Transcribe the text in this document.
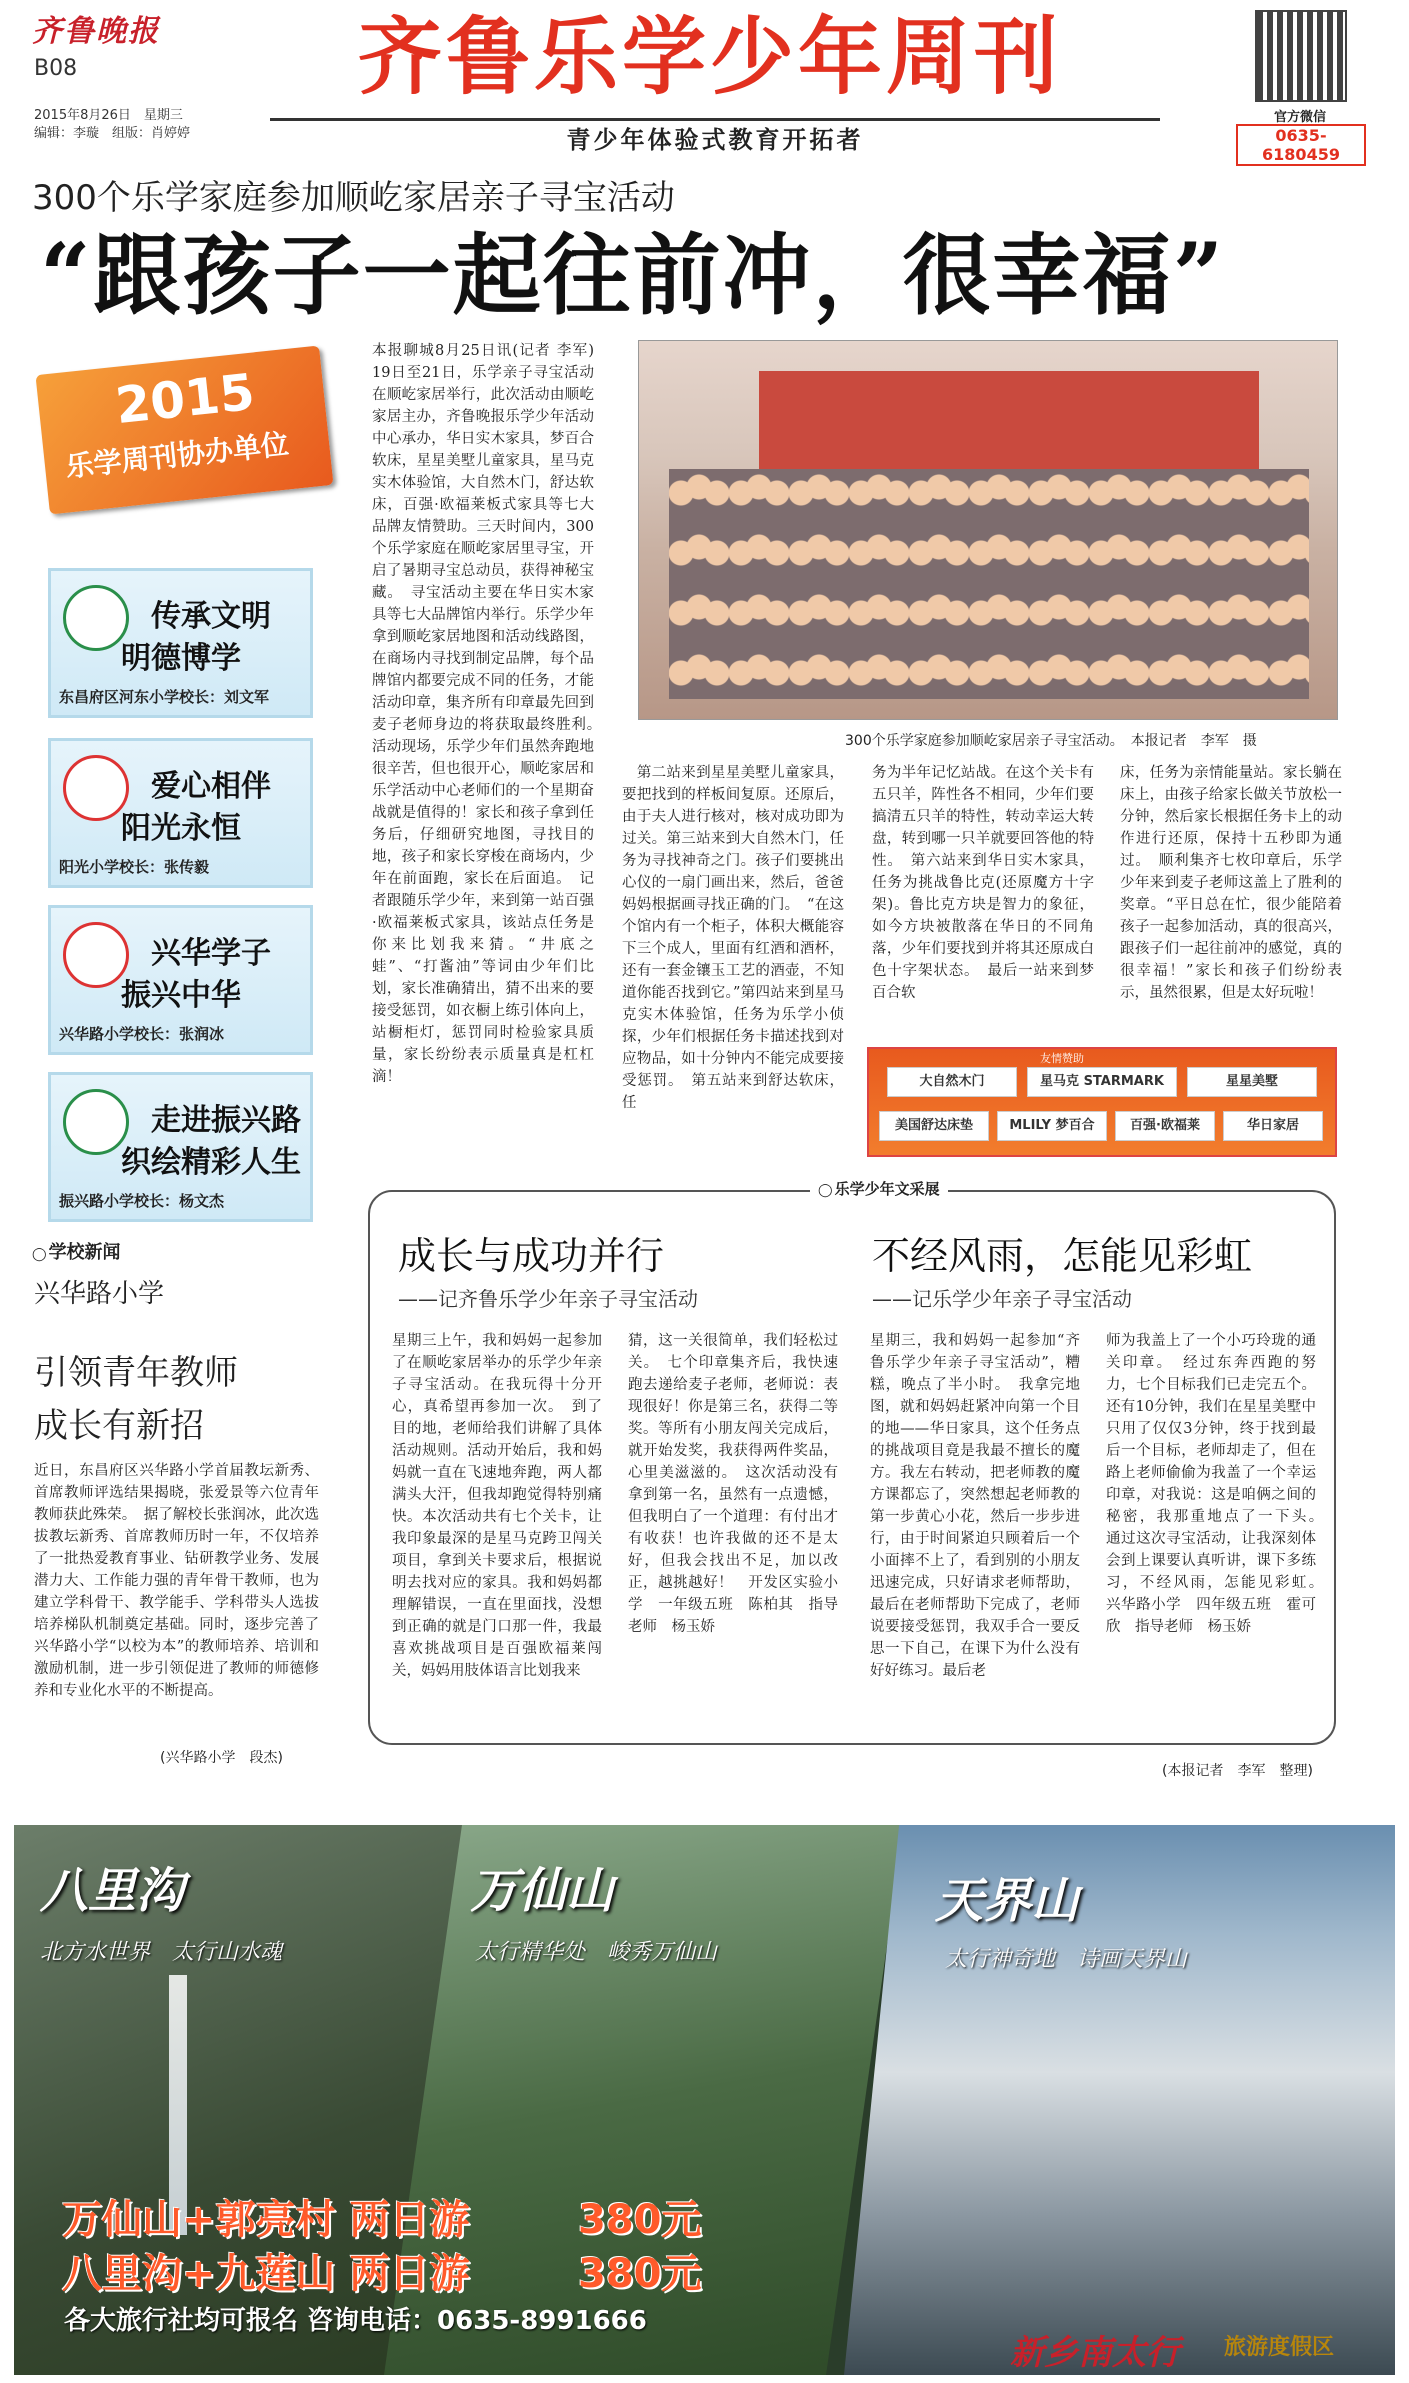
齐鲁晚报
B08
2015年8月26日　星期三
编辑：李璇　组版：肖婷婷
齐鲁乐学少年周刊
青少年体验式教育开拓者
官方微信
0635-6180459
300个乐学家庭参加顺屹家居亲子寻宝活动
“跟孩子一起往前冲，很幸福”
2015
乐学周刊协办单位
传承文明
明德博学
东昌府区河东小学校长：刘文军
爱心相伴
阳光永恒
阳光小学校长：张传毅
兴华学子
振兴中华
兴华路小学校长：张润冰
走进振兴路
织绘精彩人生
振兴路小学校长：杨文杰
◯ 学校新闻
兴华路小学
引领青年教师
成长有新招
近日，东昌府区兴华路小学首届教坛新秀、首席教师评选结果揭晓，张爱景等六位青年教师获此殊荣。　据了解校长张润冰，此次选拔教坛新秀、首席教师历时一年，不仅培养了一批热爱教育事业、钻研教学业务、发展潜力大、工作能力强的青年骨干教师，也为建立学科骨干、教学能手、学科带头人选拔培养梯队机制奠定基础。同时，逐步完善了兴华路小学“以校为本”的教师培养、培训和激励机制，进一步引领促进了教师的师德修养和专业化水平的不断提高。
(兴华路小学　段杰)
本报聊城8月25日讯(记者 李军) 19日至21日，乐学亲子寻宝活动在顺屹家居举行，此次活动由顺屹家居主办，齐鲁晚报乐学少年活动中心承办，华日实木家具，梦百合软床，星星美墅儿童家具，星马克实木体验馆，大自然木门，舒达软床，百强·欧福莱板式家具等七大品牌友情赞助。三天时间内，300个乐学家庭在顺屹家居里寻宝，开启了暑期寻宝总动员，获得神秘宝藏。　寻宝活动主要在华日实木家具等七大品牌馆内举行。乐学少年拿到顺屹家居地图和活动线路图，在商场内寻找到制定品牌，每个品牌馆内都要完成不同的任务，才能活动印章，集齐所有印章最先回到麦子老师身边的将获取最终胜利。　活动现场，乐学少年们虽然奔跑地很辛苦，但也很开心，顺屹家居和乐学活动中心老师们的一个星期奋战就是值得的！家长和孩子拿到任务后，仔细研究地图，寻找目的地，孩子和家长穿梭在商场内，少年在前面跑，家长在后面追。　记者跟随乐学少年，来到第一站百强·欧福莱板式家具，该站点任务是你来比划我来猜。“井底之蛙”、“打酱油”等词由少年们比划，家长准确猜出，猜不出来的要接受惩罚，如衣橱上练引体向上，站橱柜灯，惩罚同时检验家具质量，家长纷纷表示质量真是杠杠滴！
300个乐学家庭参加顺屹家居亲子寻宝活动。　本报记者　李军　摄
　第二站来到星星美墅儿童家具，要把找到的样板间复原。还原后，由于夫人进行核对，核对成功即为过关。第三站来到大自然木门，任务为寻找神奇之门。孩子们要挑出心仪的一扇门画出来，然后，爸爸妈妈根据画寻找正确的门。　“在这个馆内有一个柜子，体积大概能容下三个成人，里面有红酒和酒杯，还有一套金镶玉工艺的酒壶，不知道你能否找到它。”第四站来到星马克实木体验馆，任务为乐学小侦探，少年们根据任务卡描述找到对应物品，如十分钟内不能完成要接受惩罚。　第五站来到舒达软床，任
务为半年记忆站战。在这个关卡有五只羊，阵性各不相同，少年们要搞清五只羊的特性，转动幸运大转盘，转到哪一只羊就要回答他的特性。　第六站来到华日实木家具，任务为挑战鲁比克(还原魔方十字架)。鲁比克方块是智力的象征，如今方块被散落在华日的不同角落，少年们要找到并将其还原成白色十字架状态。　最后一站来到梦百合软
床，任务为亲情能量站。家长躺在床上，由孩子给家长做关节放松一分钟，然后家长根据任务卡上的动作进行还原，保持十五秒即为通过。　顺利集齐七枚印章后，乐学少年来到麦子老师这盖上了胜利的奖章。“平日总在忙，很少能陪着孩子一起参加活动，真的很高兴，跟孩子们一起往前冲的感觉，真的很幸福！”家长和孩子们纷纷表示，虽然很累，但是太好玩啦！
大自然木门	星马克 STARMARK	星星美墅
美国舒达床垫	MLILY 梦百合	百强·欧福莱	华日家居
友情赞助
◯ 乐学少年文采展
成长与成功并行
——记齐鲁乐学少年亲子寻宝活动
星期三上午，我和妈妈一起参加了在顺屹家居举办的乐学少年亲子寻宝活动。在我玩得十分开心，真希望再参加一次。　到了目的地，老师给我们讲解了具体活动规则。活动开始后，我和妈妈就一直在飞速地奔跑，两人都满头大汗，但我却跑觉得特别痛快。本次活动共有七个关卡，让我印象最深的是星马克跨卫闯关项目，拿到关卡要求后，根据说明去找对应的家具。我和妈妈都理解错误，一直在里面找，没想到正确的就是门口那一件，我最喜欢挑战项目是百强欧福莱闯关，妈妈用肢体语言比划我来
猜，这一关很简单，我们轻松过关。　七个印章集齐后，我快速跑去递给麦子老师，老师说：表现很好！你是第三名，获得二等奖。等所有小朋友闯关完成后，就开始发奖，我获得两件奖品，心里美滋滋的。　这次活动没有拿到第一名，虽然有一点遗憾，但我明白了一个道理：有付出才有收获！也许我做的还不是太好，但我会找出不足，加以改正，越挑越好！　开发区实验小学　一年级五班　陈柏其　指导老师　杨玉娇
不经风雨，怎能见彩虹
——记乐学少年亲子寻宝活动
星期三，我和妈妈一起参加“齐鲁乐学少年亲子寻宝活动”，糟糕，晚点了半小时。　我拿完地图，就和妈妈赶紧冲向第一个目的地——华日家具，这个任务点的挑战项目竟是我最不擅长的魔方。我左右转动，把老师教的魔方课都忘了，突然想起老师教的第一步黄心小花，然后一步步进行，由于时间紧迫只顾着后一个小面摔不上了，看到别的小朋友迅速完成，只好请求老师帮助，最后在老师帮助下完成了，老师说要接受惩罚，我双手合一要反思一下自己，在课下为什么没有好好练习。最后老
师为我盖上了一个小巧玲珑的通关印章。　经过东奔西跑的努力，七个目标我们已走完五个。还有10分钟，我们在星星美墅中只用了仅仅3分钟，终于找到最后一个目标，老师却走了，但在路上老师偷偷为我盖了一个幸运印章，对我说：这是咱俩之间的秘密，我那重地点了一下头。　通过这次寻宝活动，让我深刻体会到上课要认真听讲，课下多练习，不经风雨，怎能见彩虹。　兴华路小学　四年级五班　霍可欣　指导老师　杨玉娇
(本报记者　李军　整理)
八里沟
北方水世界　太行山水魂
万仙山
太行精华处　峻秀万仙山
天界山
太行神奇地　诗画天界山
万仙山+郭亮村 两日游	380元
八里沟+九莲山 两日游	380元
各大旅行社均可报名 咨询电话：0635-8991666
新乡南太行 旅游度假区
